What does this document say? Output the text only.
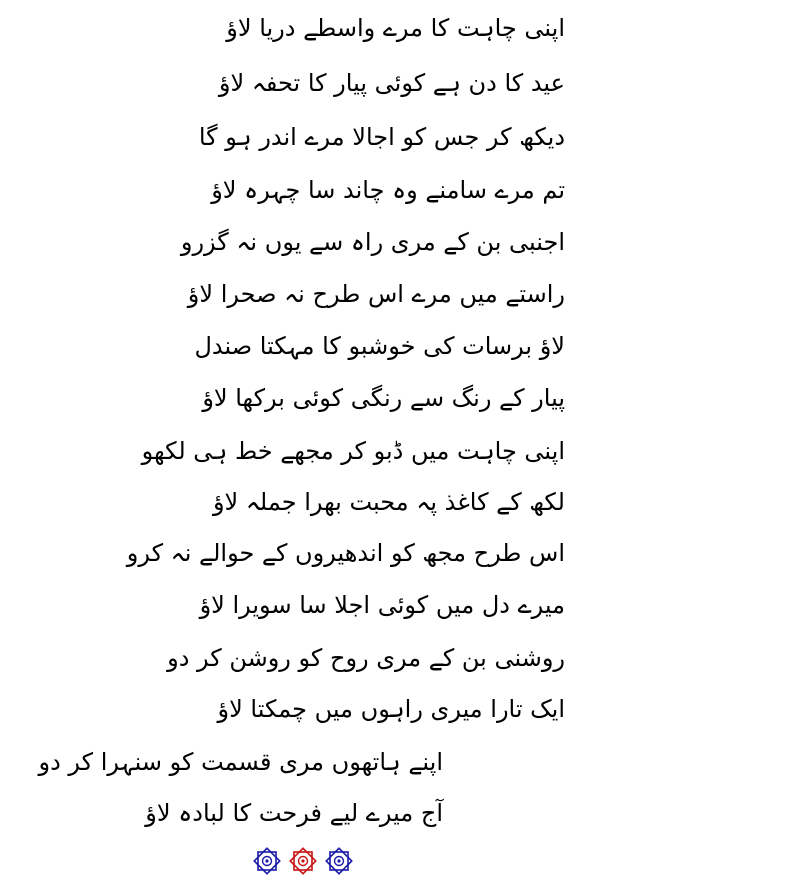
اپنی چاہت کا مرے واسطے دریا لاؤ
عید کا دن ہے کوئی پیار کا تحفہ لاؤ
دیکھ کر جس کو اجالا مرے اندر ہو گا
تم مرے سامنے وہ چاند سا چہرہ لاؤ
اجنبی بن کے مری راہ سے یوں نہ گزرو
راستے میں مرے اس طرح نہ صحرا لاؤ
لاؤ برسات کی خوشبو کا مہکتا صندل
پیار کے رنگ سے رنگی کوئی برکھا لاؤ
اپنی چاہت میں ڈبو کر مجھے خط ہی لکھو
لکھ کے کاغذ پہ محبت بھرا جملہ لاؤ
اس طرح مجھ کو اندھیروں کے حوالے نہ کرو
میرے دل میں کوئی اجلا سا سویرا لاؤ
روشنی بن کے مری روح کو روشن کر دو
ایک تارا میری راہوں میں چمکتا لاؤ
اپنے ہاتھوں مری قسمت کو سنہرا کر دو
آج میرے لیے فرحت کا لبادہ لاؤ
